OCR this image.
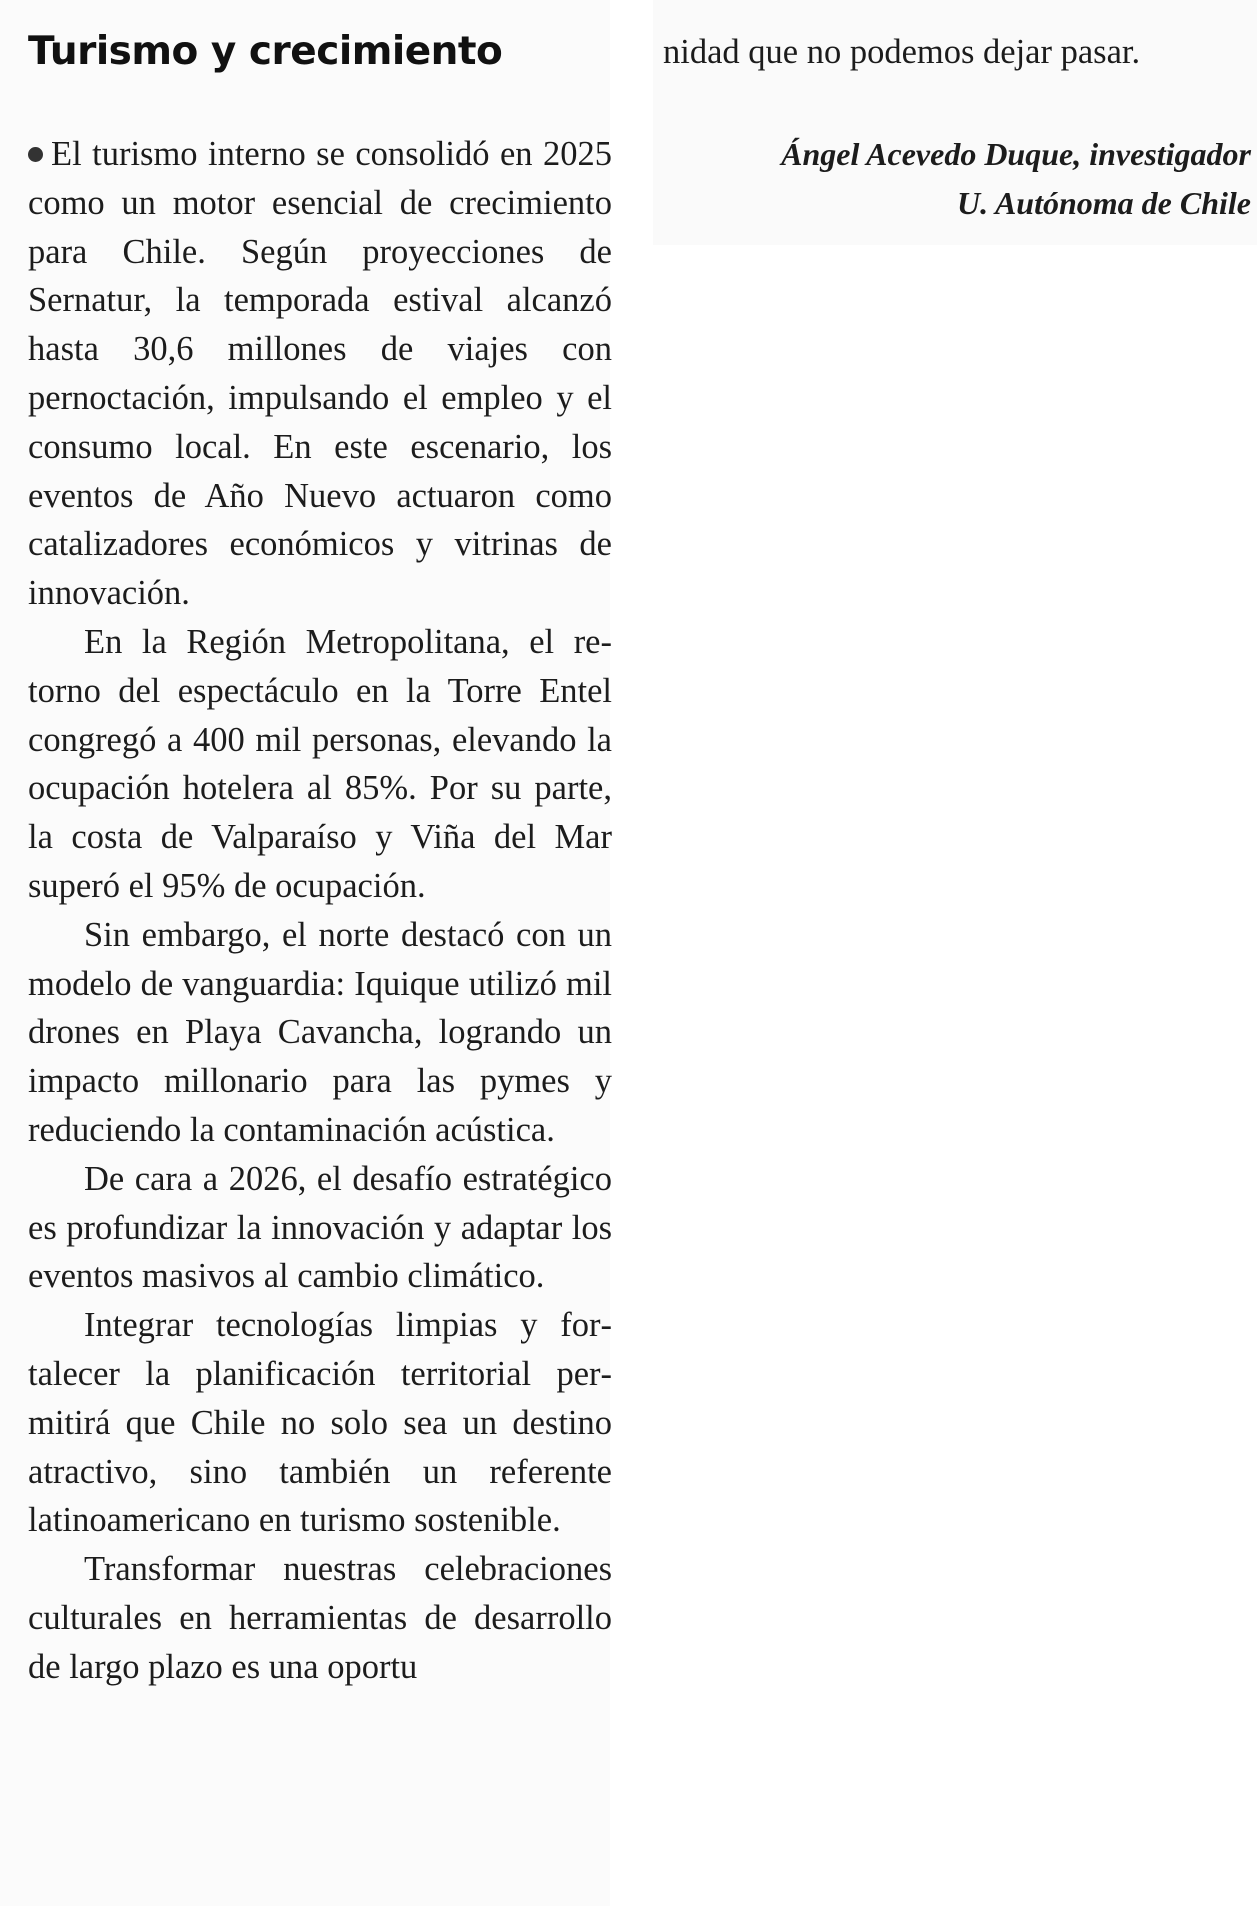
Turismo y crecimiento

El turismo interno se consolidó en 2025 como un motor esencial de crecimiento para Chile. Según proyecciones de Sernatur, la temporada estival alcanzó hasta 30,6 millones de viajes con pernoctación, impulsando el empleo y el consumo local. En este escenario, los eventos de Año Nuevo actuaron como catalizadores económicos y vitrinas de innovación.

En la Región Metropolitana, el retorno del espectáculo en la Torre Entel congregó a 400 mil personas, elevando la ocupación hotelera al 85%. Por su parte, la costa de Valparaíso y Viña del Mar superó el 95% de ocupación.

Sin embargo, el norte destacó con un modelo de vanguardia: Iquique utilizó mil drones en Playa Cavancha, logrando un impacto millonario para las pymes y reduciendo la contaminación acústica.

De cara a 2026, el desafío estratégico es profundizar la innovación y adaptar los eventos masivos al cambio climático.

Integrar tecnologías limpias y fortalecer la planificación territorial permitirá que Chile no solo sea un destino atractivo, sino también un referente latinoamericano en turismo sostenible.

Transformar nuestras celebraciones culturales en herramientas de desarrollo de largo plazo es una oportu

nidad que no podemos dejar pasar.

Ángel Acevedo Duque, investigador
U. Autónoma de Chile
